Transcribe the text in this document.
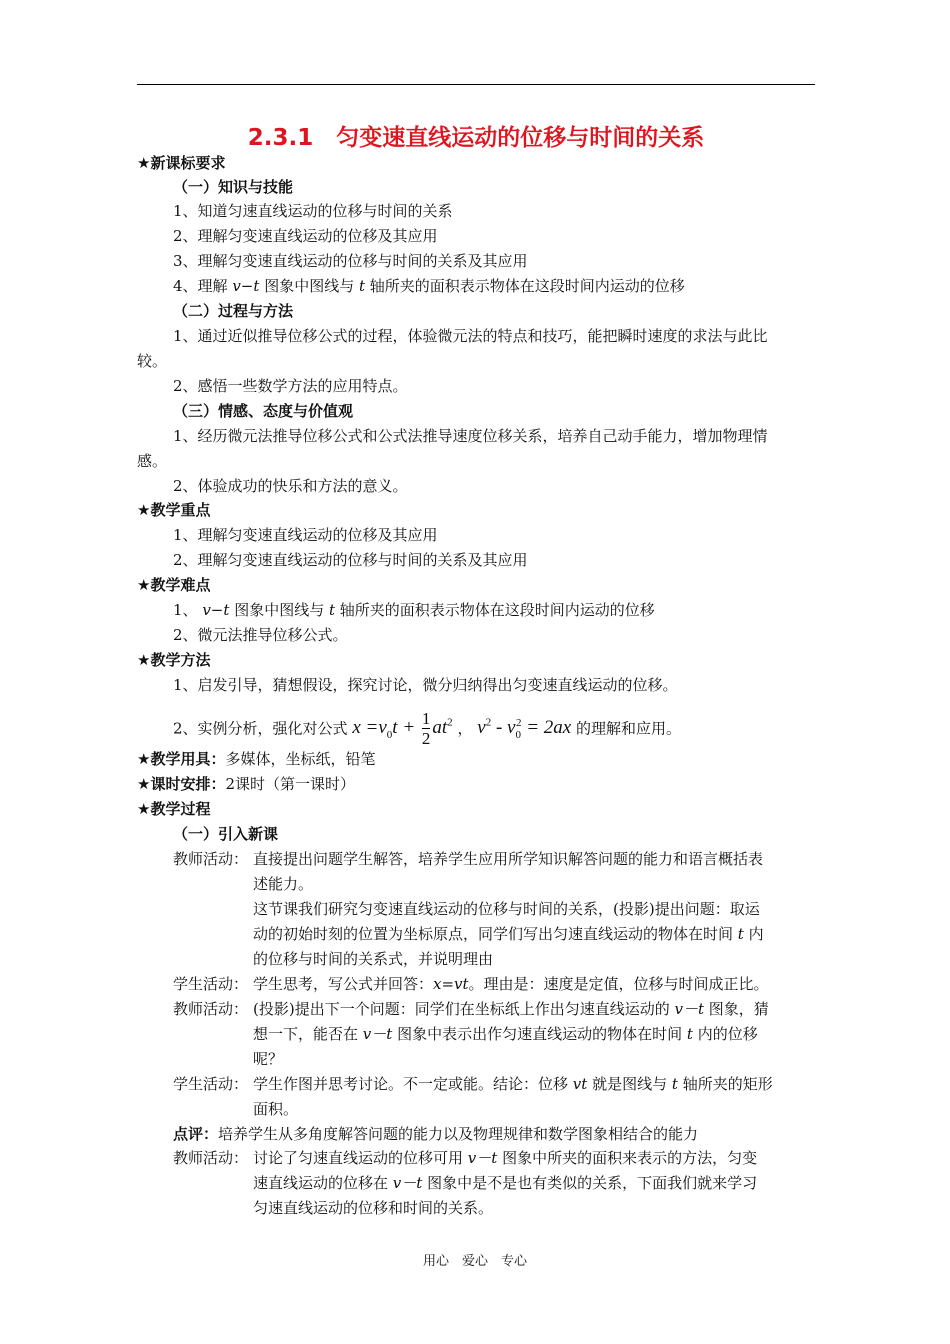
2.3.1　匀变速直线运动的位移与时间的关系
★新课标要求
（一）知识与技能
1、知道匀速直线运动的位移与时间的关系
2、理解匀变速直线运动的位移及其应用
3、理解匀变速直线运动的位移与时间的关系及其应用
4、理解 v−t 图象中图线与 t 轴所夹的面积表示物体在这段时间内运动的位移
（二）过程与方法
1、通过近似推导位移公式的过程，体验微元法的特点和技巧，能把瞬时速度的求法与此比
较。
2、感悟一些数学方法的应用特点。
（三）情感、态度与价值观
1、经历微元法推导位移公式和公式法推导速度位移关系，培养自己动手能力，增加物理情
感。
2、体验成功的快乐和方法的意义。
★教学重点
1、理解匀变速直线运动的位移及其应用
2、理解匀变速直线运动的位移与时间的关系及其应用
★教学难点
1、 v−t 图象中图线与 t 轴所夹的面积表示物体在这段时间内运动的位移
2、微元法推导位移公式。
★教学方法
1、启发引导，猜想假设，探究讨论，微分归纳得出匀变速直线运动的位移。
2、实例分析，强化对公式 $x =v_0t + \frac{1}{2} at^2$ ， $v^2 - v_0^2 = 2ax$ 的理解和应用。
★教学用具：多媒体，坐标纸，铅笔
★课时安排：2课时（第一课时）
★教学过程
（一）引入新课
教师活动： 直接提出问题学生解答，培养学生应用所学知识解答问题的能力和语言概括表
述能力。
这节课我们研究匀变速直线运动的位移与时间的关系，(投影)提出问题：取运
动的初始时刻的位置为坐标原点，同学们写出匀速直线运动的物体在时间 t 内
的位移与时间的关系式，并说明理由
学生活动： 学生思考，写公式并回答：x=vt。理由是：速度是定值，位移与时间成正比。
教师活动： (投影)提出下一个问题：同学们在坐标纸上作出匀速直线运动的 v－t 图象，猜
想一下，能否在 v－t 图象中表示出作匀速直线运动的物体在时间 t 内的位移
呢？
学生活动： 学生作图并思考讨论。不一定或能。结论：位移 vt 就是图线与 t 轴所夹的矩形
面积。
点评：培养学生从多角度解答问题的能力以及物理规律和数学图象相结合的能力
教师活动： 讨论了匀速直线运动的位移可用 v－t 图象中所夹的面积来表示的方法，匀变
速直线运动的位移在 v－t 图象中是不是也有类似的关系，下面我们就来学习
匀速直线运动的位移和时间的关系。
用心　爱心　专心
